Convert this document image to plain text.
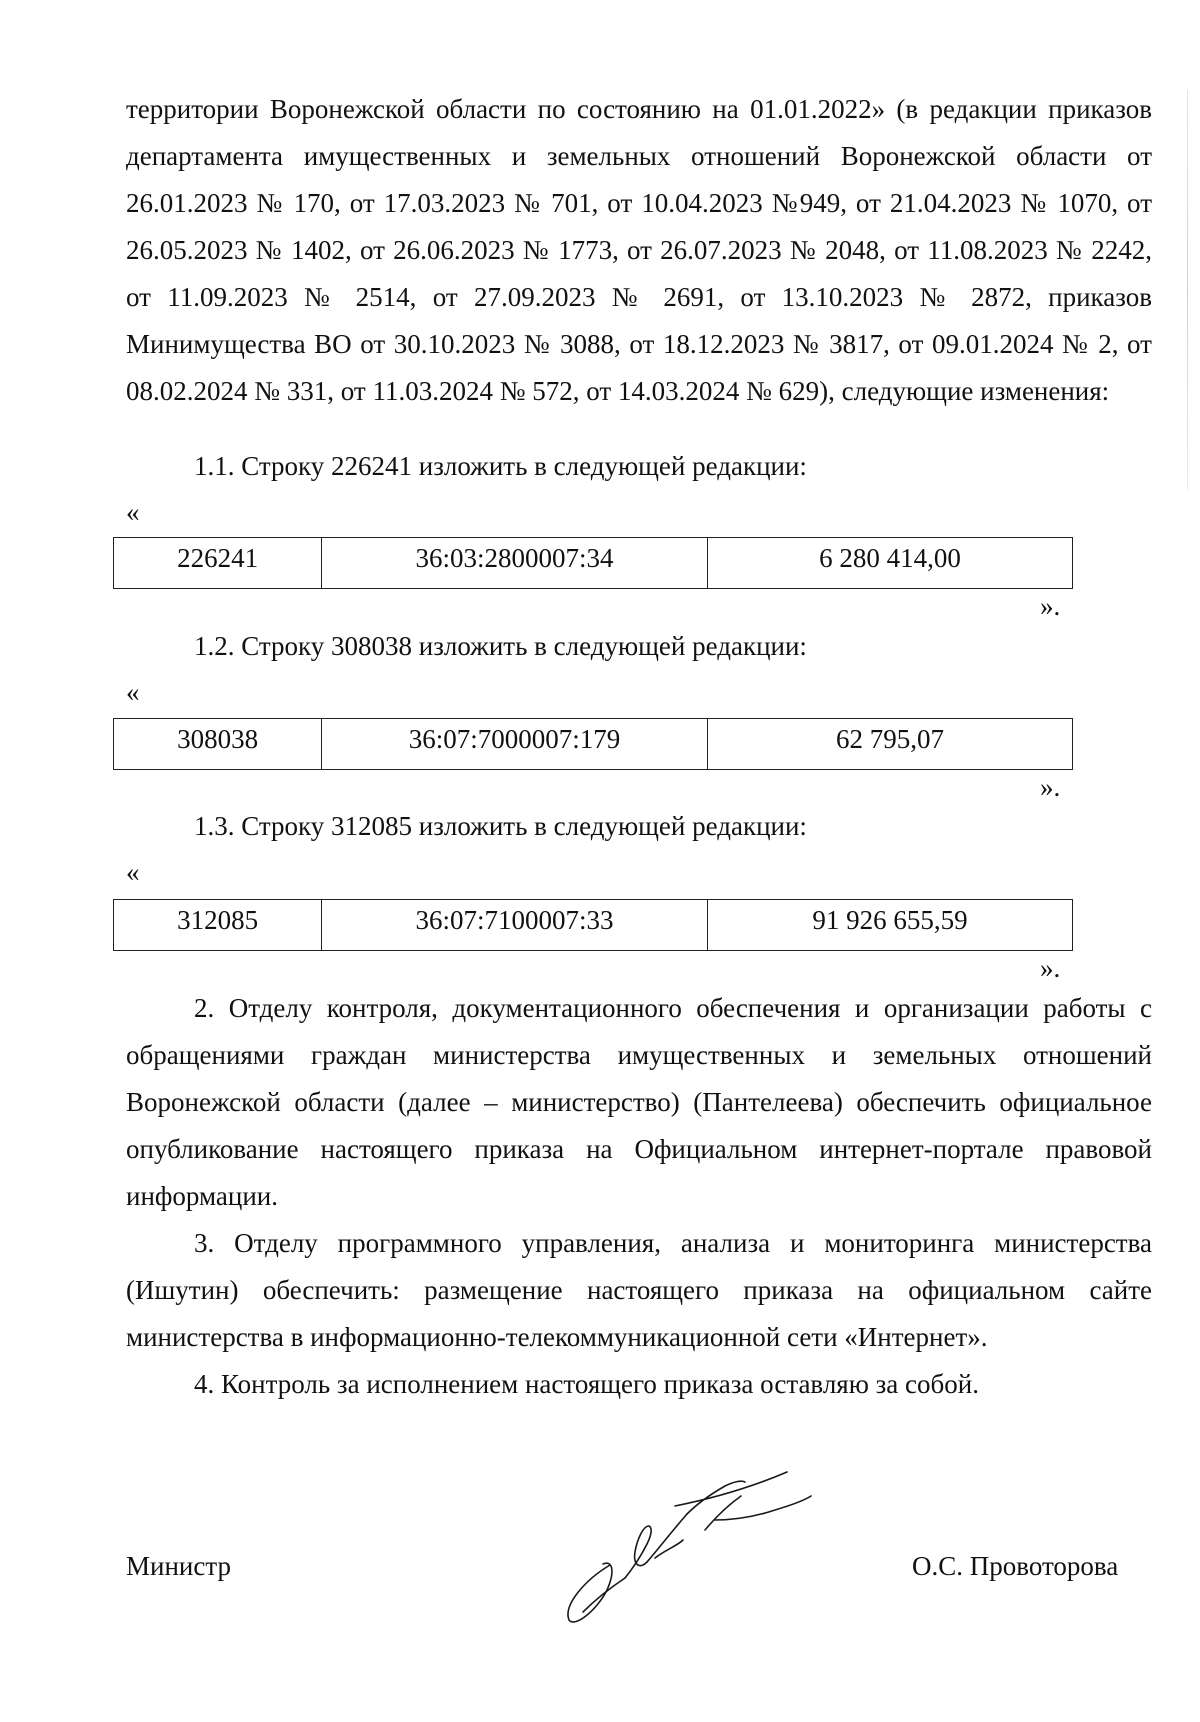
территории Воронежской области по состоянию на 01.01.2022» (в редакции приказов департамента имущественных и земельных отношений Воронежской области от 26.01.2023 № 170, от 17.03.2023 № 701, от 10.04.2023 №949, от 21.04.2023 № 1070, от 26.05.2023 № 1402, от 26.06.2023 № 1773, от 26.07.2023 № 2048, от 11.08.2023 № 2242, от 11.09.2023 № 2514, от 27.09.2023 № 2691, от 13.10.2023 № 2872, приказов Минимущества ВО от 30.10.2023 № 3088, от 18.12.2023 № 3817, от 09.01.2024 № 2, от 08.02.2024 № 331, от 11.03.2024 № 572, от 14.03.2024 № 629), следующие изменения:

1.1. Строку 226241 изложить в следующей редакции:

«
226241	36:03:2800007:34	6 280 414,00
».

1.2. Строку 308038 изложить в следующей редакции:

«
308038	36:07:7000007:179	62 795,07
».

1.3. Строку 312085 изложить в следующей редакции:

«
312085	36:07:7100007:33	91 926 655,59
».

2. Отделу контроля, документационного обеспечения и организации работы с обращениями граждан министерства имущественных и земельных отношений Воронежской области (далее – министерство) (Пантелеева) обеспечить официальное опубликование настоящего приказа на Официальном интернет-портале правовой информации.

3. Отделу программного управления, анализа и мониторинга министерства (Ишутин) обеспечить: размещение настоящего приказа на официальном сайте министерства в информационно-телекоммуникационной сети «Интернет».

4. Контроль за исполнением настоящего приказа оставляю за собой.

Министр	О.С. Провоторова
